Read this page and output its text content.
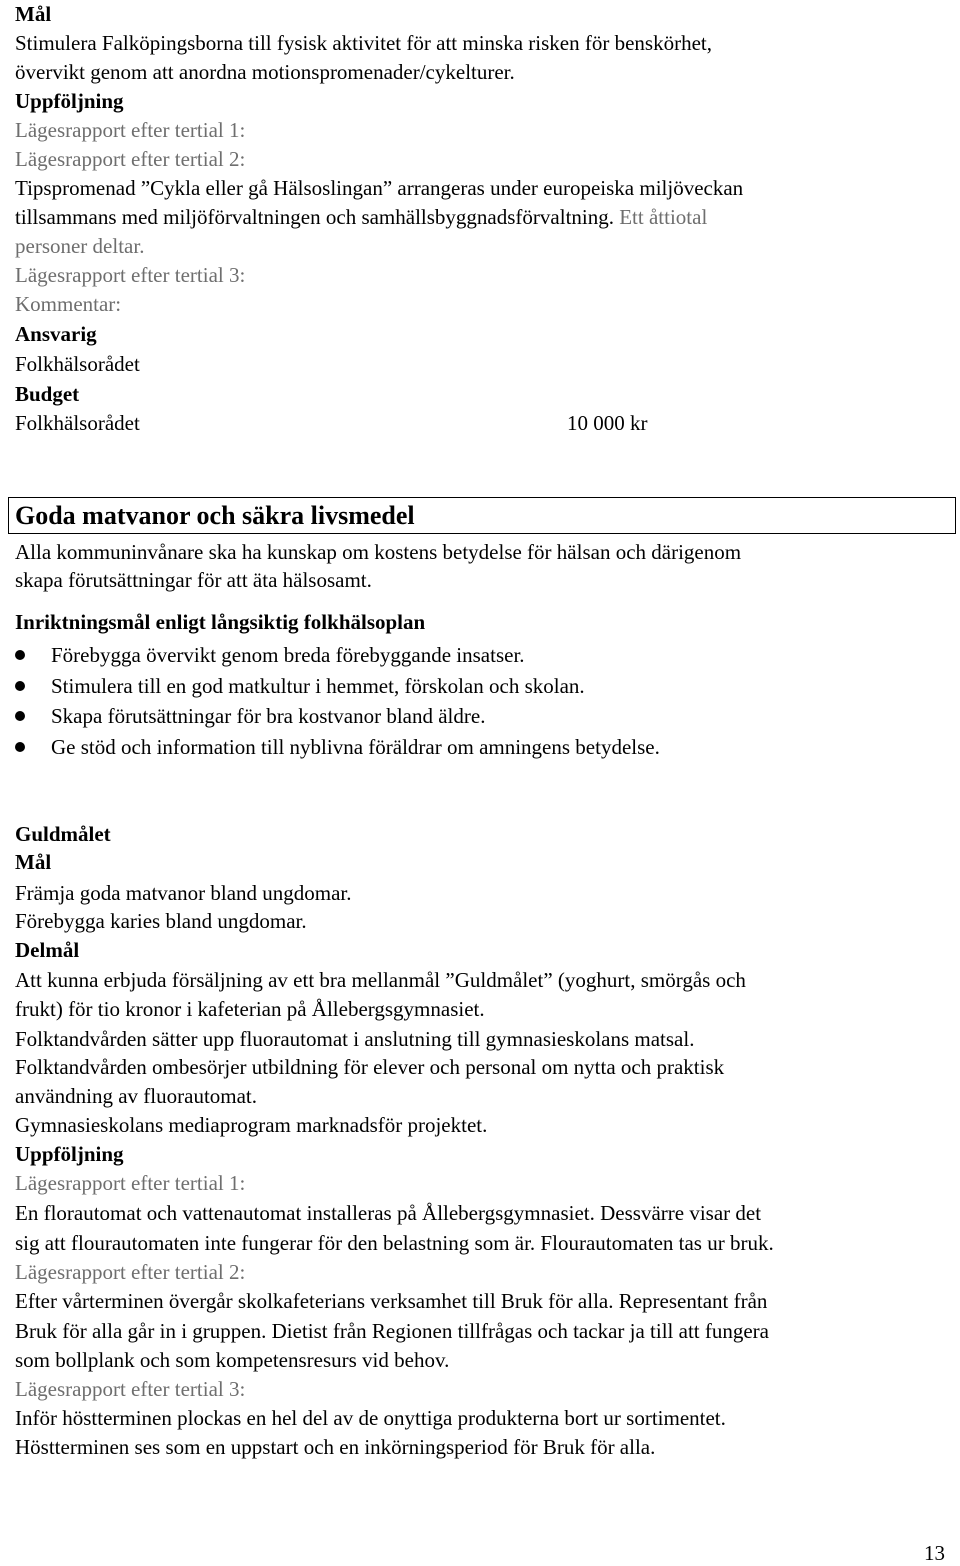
Mål
Stimulera Falköpingsborna till fysisk aktivitet för att minska risken för benskörhet,
övervikt genom att anordna motionspromenader/cykelturer.
Uppföljning
Lägesrapport efter tertial 1:
Lägesrapport efter tertial 2:
Tipspromenad ”Cykla eller gå Hälsoslingan” arrangeras under europeiska miljöveckan
tillsammans med miljöförvaltningen och samhällsbyggnadsförvaltning. Ett åttiotal
personer deltar.
Lägesrapport efter tertial 3:
Kommentar:
Ansvarig
Folkhälsorådet
Budget
Folkhälsorådet	10 000 kr
Goda matvanor och säkra livsmedel
Alla kommuninvånare ska ha kunskap om kostens betydelse för hälsan och därigenom
skapa förutsättningar för att äta hälsosamt.
Inriktningsmål enligt långsiktig folkhälsoplan
Förebygga övervikt genom breda förebyggande insatser.
Stimulera till en god matkultur i hemmet, förskolan och skolan.
Skapa förutsättningar för bra kostvanor bland äldre.
Ge stöd och information till nyblivna föräldrar om amningens betydelse.
Guldmålet
Mål
Främja goda matvanor bland ungdomar.
Förebygga karies bland ungdomar.
Delmål
Att kunna erbjuda försäljning av ett bra mellanmål ”Guldmålet” (yoghurt, smörgås och
frukt) för tio kronor i kafeterian på Ållebergsgymnasiet.
Folktandvården sätter upp fluorautomat i anslutning till gymnasieskolans matsal.
Folktandvården ombesörjer utbildning för elever och personal om nytta och praktisk
användning av fluorautomat.
Gymnasieskolans mediaprogram marknadsför projektet.
Uppföljning
Lägesrapport efter tertial 1:
En florautomat och vattenautomat installeras på Ållebergsgymnasiet. Dessvärre visar det
sig att flourautomaten inte fungerar för den belastning som är. Flourautomaten tas ur bruk.
Lägesrapport efter tertial 2:
Efter vårterminen övergår skolkafeterians verksamhet till Bruk för alla. Representant från
Bruk för alla går in i gruppen. Dietist från Regionen tillfrågas och tackar ja till att fungera
som bollplank och som kompetensresurs vid behov.
Lägesrapport efter tertial 3:
Inför höstterminen plockas en hel del av de onyttiga produkterna bort ur sortimentet.
Höstterminen ses som en uppstart och en inkörningsperiod för Bruk för alla.
13
